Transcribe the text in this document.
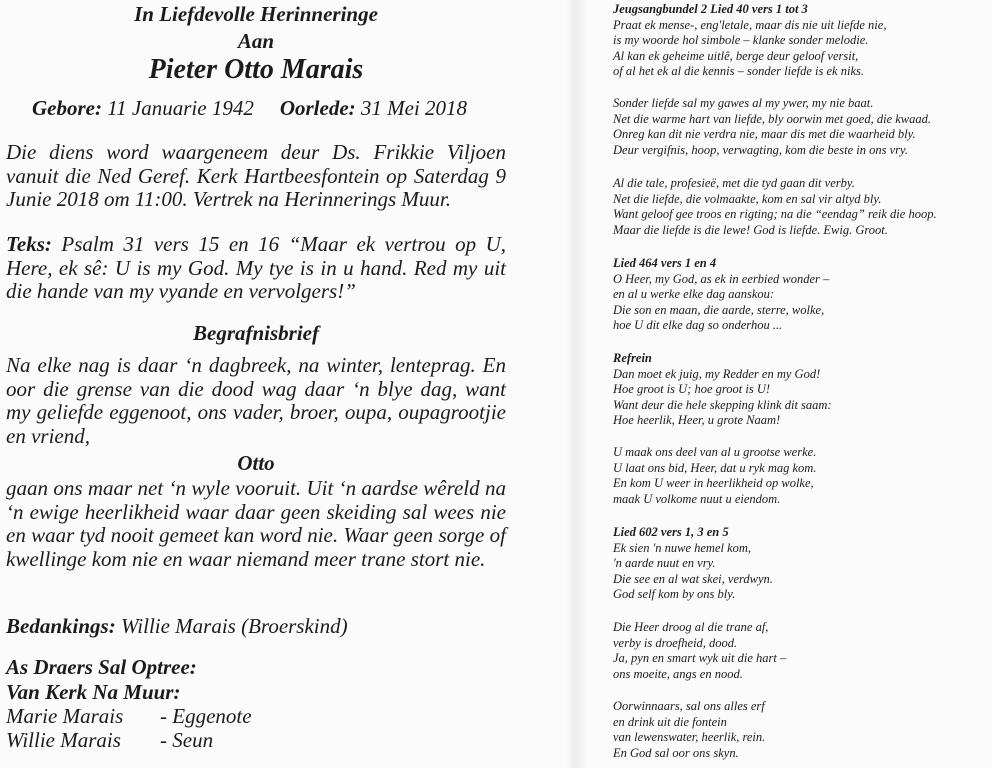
In Liefdevolle Herinneringe
Aan
Pieter Otto Marais
Gebore: 11 Januarie 1942 Oorlede: 31 Mei 2018

Die diens word waargeneem deur Ds. Frikkie Viljoen vanuit die Ned Geref. Kerk Hartbeesfontein op Saterdag 9 Junie 2018 om 11:00. Vertrek na Herinnerings Muur.

Teks: Psalm 31 vers 15 en 16 “Maar ek vertrou op U, Here, ek sê: U is my God. My tye is in u hand. Red my uit die hande van my vyande en vervolgers!”

Begrafnisbrief

Na elke nag is daar ‘n dagbreek, na winter, lenteprag. En oor die grense van die dood wag daar ‘n blye dag, want my geliefde eggenoot, ons vader, broer, oupa, oupagrootjie en vriend,

Otto

gaan ons maar net ‘n wyle vooruit. Uit ‘n aardse wêreld na ‘n ewige heerlikheid waar daar geen skeiding sal wees nie en waar tyd nooit gemeet kan word nie. Waar geen sorge of kwellinge kom nie en waar niemand meer trane stort nie.

Bedankings: Willie Marais (Broerskind)
As Draers Sal Optree:
Van Kerk Na Muur:
Marie Marais - Eggenote
Willie Marais - Seun
Jeugsangbundel 2 Lied 40 vers 1 tot 3
Praat ek mense-, eng'letale, maar dis nie uit liefde nie,
is my woorde hol simbole – klanke sonder melodie.
Al kan ek geheime uitlê, berge deur geloof versit,
of al het ek al die kennis – sonder liefde is ek niks.
Sonder liefde sal my gawes al my ywer, my nie baat.
Net die warme hart van liefde, bly oorwin met goed, die kwaad.
Onreg kan dit nie verdra nie, maar dis met die waarheid bly.
Deur vergifnis, hoop, verwagting, kom die beste in ons vry.
Al die tale, profesieë, met die tyd gaan dit verby.
Net die liefde, die volmaakte, kom en sal vir altyd bly.
Want geloof gee troos en rigting; na die “eendag” reik die hoop.
Maar die liefde is die lewe! God is liefde. Ewig. Groot.
Lied 464 vers 1 en 4
O Heer, my God, as ek in eerbied wonder –
en al u werke elke dag aanskou:
Die son en maan, die aarde, sterre, wolke,
hoe U dit elke dag so onderhou ...
Refrein
Dan moet ek juig, my Redder en my God!
Hoe groot is U; hoe groot is U!
Want deur die hele skepping klink dit saam:
Hoe heerlik, Heer, u grote Naam!
U maak ons deel van al u grootse werke.
U laat ons bid, Heer, dat u ryk mag kom.
En kom U weer in heerlikheid op wolke,
maak U volkome nuut u eiendom.
Lied 602 vers 1, 3 en 5
Ek sien 'n nuwe hemel kom,
'n aarde nuut en vry.
Die see en al wat skei, verdwyn.
God self kom by ons bly.
Die Heer droog al die trane af,
verby is droefheid, dood.
Ja, pyn en smart wyk uit die hart –
ons moeite, angs en nood.
Oorwinnaars, sal ons alles erf
en drink uit die fontein
van lewenswater, heerlik, rein.
En God sal oor ons skyn.
